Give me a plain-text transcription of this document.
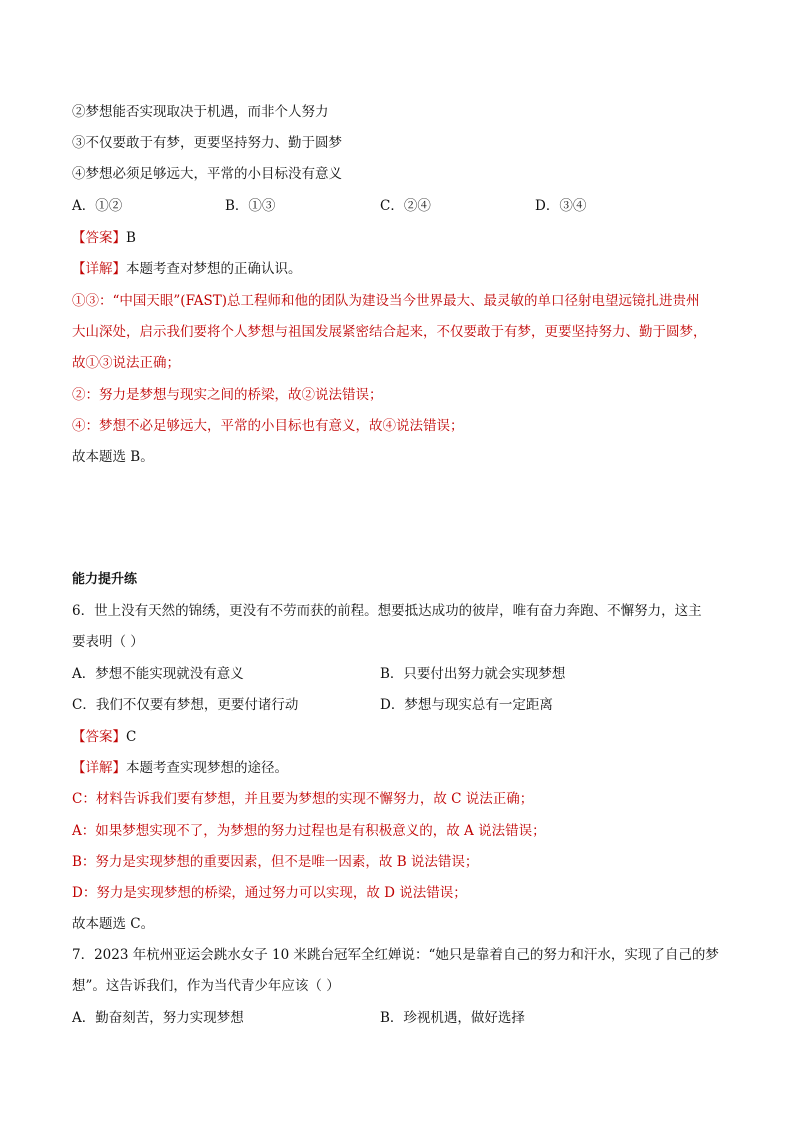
②梦想能否实现取决于机遇，而非个人努力
③不仅要敢于有梦，更要坚持努力、勤于圆梦
④梦想必须足够远大，平常的小目标没有意义
A．①②	B．①③	C．②④	D．③④
【答案】B
【详解】本题考查对梦想的正确认识。
①③：“中国天眼”(FAST)总工程师和他的团队为建设当今世界最大、最灵敏的单口径射电望远镜扎进贵州
大山深处，启示我们要将个人梦想与祖国发展紧密结合起来，不仅要敢于有梦，更要坚持努力、勤于圆梦，
故①③说法正确；
②：努力是梦想与现实之间的桥梁，故②说法错误；
④：梦想不必足够远大，平常的小目标也有意义，故④说法错误；
故本题选 B。
能力提升练
6．世上没有天然的锦绣，更没有不劳而获的前程。想要抵达成功的彼岸，唯有奋力奔跑、不懈努力，这主
要表明（ ）
A．梦想不能实现就没有意义	B．只要付出努力就会实现梦想
C．我们不仅要有梦想，更要付诸行动	D．梦想与现实总有一定距离
【答案】C
【详解】本题考查实现梦想的途径。
C：材料告诉我们要有梦想，并且要为梦想的实现不懈努力，故 C 说法正确；
A：如果梦想实现不了，为梦想的努力过程也是有积极意义的，故 A 说法错误；
B：努力是实现梦想的重要因素，但不是唯一因素，故 B 说法错误；
D：努力是实现梦想的桥梁，通过努力可以实现，故 D 说法错误；
故本题选 C。
7．2023 年杭州亚运会跳水女子 10 米跳台冠军全红婵说：“她只是靠着自己的努力和汗水，实现了自己的梦
想”。这告诉我们，作为当代青少年应该（ ）
A．勤奋刻苦，努力实现梦想	B．珍视机遇，做好选择
